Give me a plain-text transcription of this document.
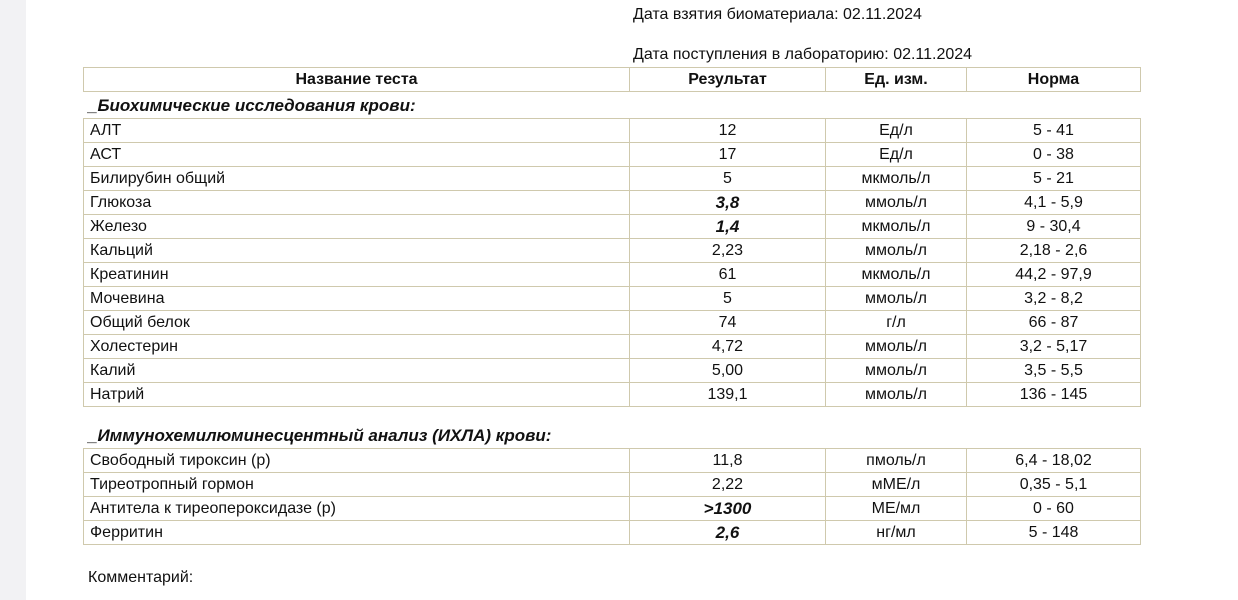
Дата взятия биоматериала: 02.11.2024
Дата поступления в лабораторию: 02.11.2024
Название теста	Результат	Ед. изм.	Норма
_Биохимические исследования крови:
АЛТ	12	Ед/л	5 - 41
АСТ	17	Ед/л	0 - 38
Билирубин общий	5	мкмоль/л	5 - 21
Глюкоза	3,8	ммоль/л	4,1 - 5,9
Железо	1,4	мкмоль/л	9 - 30,4
Кальций	2,23	ммоль/л	2,18 - 2,6
Креатинин	61	мкмоль/л	44,2 - 97,9
Мочевина	5	ммоль/л	3,2 - 8,2
Общий белок	74	г/л	66 - 87
Холестерин	4,72	ммоль/л	3,2 - 5,17
Калий	5,00	ммоль/л	3,5 - 5,5
Натрий	139,1	ммоль/л	136 - 145
_Иммунохемилюминесцентный анализ (ИХЛА) крови:
Свободный тироксин (р)	11,8	пмоль/л	6,4 - 18,02
Тиреотропный гормон	2,22	мМЕ/л	0,35 - 5,1
Антитела к тиреопероксидазе (р)	>1300	МЕ/мл	0 - 60
Ферритин	2,6	нг/мл	5 - 148
Комментарий:
